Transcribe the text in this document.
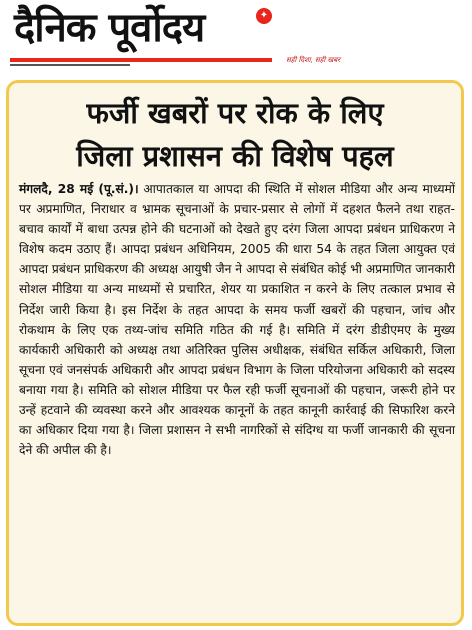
दैनिक पूर्वोदय	✦
सही दिशा, सही खबर
फर्जी खबरों पर रोक के लिए
जिला प्रशासन की विशेष पहल
मंगलदै, 28 मई (पू.सं.)। आपातकाल या आपदा की स्थिति में सोशल मीडिया और अन्य माध्यमों पर अप्रमाणित, निराधार व भ्रामक सूचनाओं के प्रचार-प्रसार से लोगों में दहशत फैलने तथा राहत-बचाव कार्यों में बाधा उत्पन्न होने की घटनाओं को देखते हुए दरंग जिला आपदा प्रबंधन प्राधिकरण ने विशेष कदम उठाए हैं। आपदा प्रबंधन अधिनियम, 2005 की धारा 54 के तहत जिला आयुक्त एवं आपदा प्रबंधन प्राधिकरण की अध्यक्ष आयुषी जैन ने आपदा से संबंधित कोई भी अप्रमाणित जानकारी सोशल मीडिया या अन्य माध्यमों से प्रचारित, शेयर या प्रकाशित न करने के लिए तत्काल प्रभाव से निर्देश जारी किया है। इस निर्देश के तहत आपदा के समय फर्जी खबरों की पहचान, जांच और रोकथाम के लिए एक तथ्य-जांच समिति गठित की गई है। समिति में दरंग डीडीएमए के मुख्य कार्यकारी अधिकारी को अध्यक्ष तथा अतिरिक्त पुलिस अधीक्षक, संबंधित सर्किल अधिकारी, जिला सूचना एवं जनसंपर्क अधिकारी और आपदा प्रबंधन विभाग के जिला परियोजना अधिकारी को सदस्य बनाया गया है। समिति को सोशल मीडिया पर फैल रही फर्जी सूचनाओं की पहचान, जरूरी होने पर उन्हें हटवाने की व्यवस्था करने और आवश्यक कानूनों के तहत कानूनी कार्रवाई की सिफारिश करने का अधिकार दिया गया है। जिला प्रशासन ने सभी नागरिकों से संदिग्ध या फर्जी जानकारी की सूचना देने की अपील की है।
